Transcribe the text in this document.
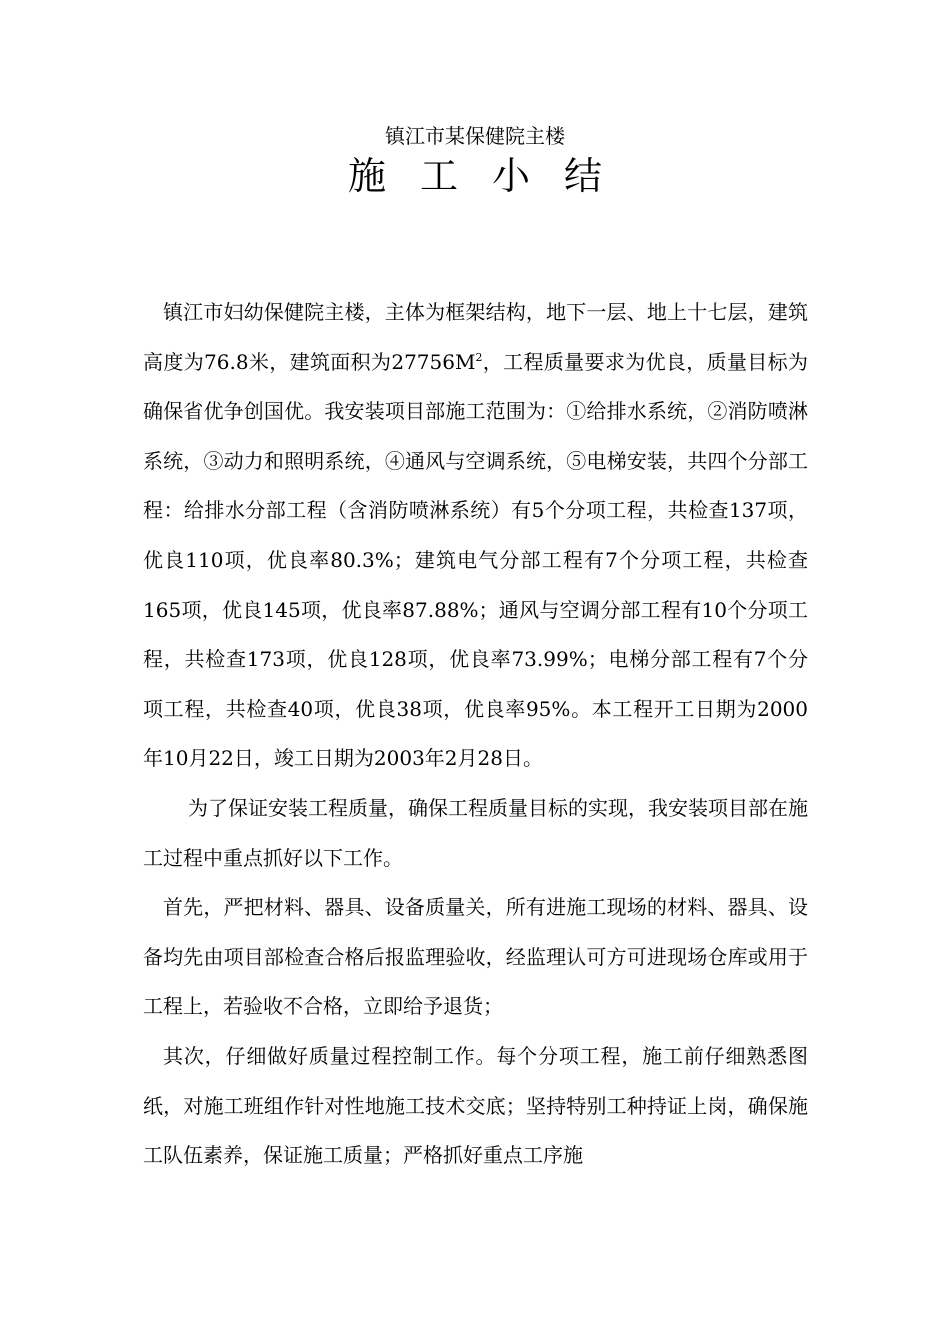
镇江市某保健院主楼
施 工 小 结

镇江市妇幼保健院主楼，主体为框架结构，地下一层、地上十七层，建筑高度为76.8米，建筑面积为$27756M^2$，工程质量要求为优良，质量目标为确保省优争创国优。我安装项目部施工范围为：①给排水系统，②消防喷淋系统，③动力和照明系统，④通风与空调系统，⑤电梯安装，共四个分部工程：给排水分部工程（含消防喷淋系统）有5个分项工程，共检查137项，优良110项，优良率80.3%；建筑电气分部工程有7个分项工程，共检查165项，优良145项，优良率87.88%；通风与空调分部工程有10个分项工程，共检查173项，优良128项，优良率73.99%；电梯分部工程有7个分项工程，共检查40项，优良38项，优良率95%。本工程开工日期为2000年10月22日，竣工日期为2003年2月28日。

为了保证安装工程质量，确保工程质量目标的实现，我安装项目部在施工过程中重点抓好以下工作。

首先，严把材料、器具、设备质量关，所有进施工现场的材料、器具、设备均先由项目部检查合格后报监理验收，经监理认可方可进现场仓库或用于工程上，若验收不合格，立即给予退货；

其次，仔细做好质量过程控制工作。每个分项工程，施工前仔细熟悉图纸，对施工班组作针对性地施工技术交底；坚持特别工种持证上岗，确保施工队伍素养，保证施工质量；严格抓好重点工序施
